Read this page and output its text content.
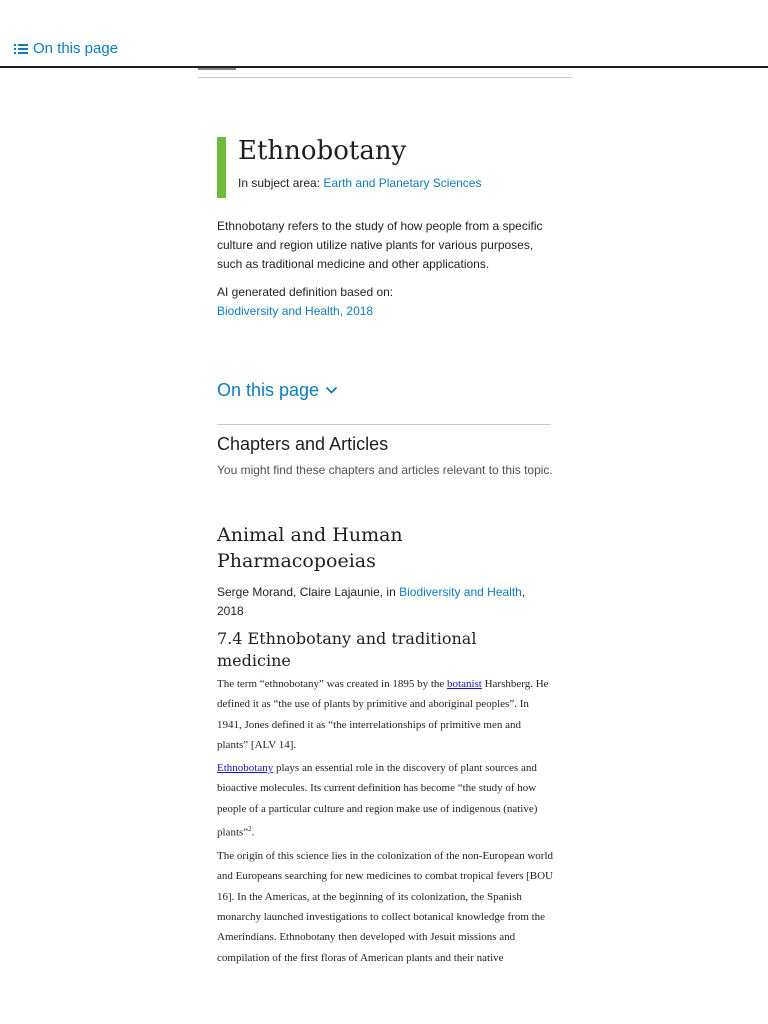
On this page
Ethnobotany
In subject area: Earth and Planetary Sciences
Ethnobotany refers to the study of how people from a specific culture and region utilize native plants for various purposes, such as traditional medicine and other applications.
AI generated definition based on:
Biodiversity and Health, 2018
On this page
Chapters and Articles
You might find these chapters and articles relevant to this topic.
Animal and Human Pharmacopoeias
Serge Morand, Claire Lajaunie, in Biodiversity and Health, 2018
7.4 Ethnobotany and traditional medicine

The term “ethnobotany” was created in 1895 by the botanist Harshberg. He defined it as “the use of plants by primitive and aboriginal peoples”. In 1941, Jones defined it as “the interrelationships of primitive men and plants” [ALV 14].

Ethnobotany plays an essential role in the discovery of plant sources and bioactive molecules. Its current definition has become “the study of how people of a particular culture and region make use of indigenous (native) plants”$^2$.

The origin of this science lies in the colonization of the non-European world and Europeans searching for new medicines to combat tropical fevers [BOU 16]. In the Americas, at the beginning of its colonization, the Spanish monarchy launched investigations to collect botanical knowledge from the Amerindians. Ethnobotany then developed with Jesuit missions and compilation of the first floras of American plants and their native
